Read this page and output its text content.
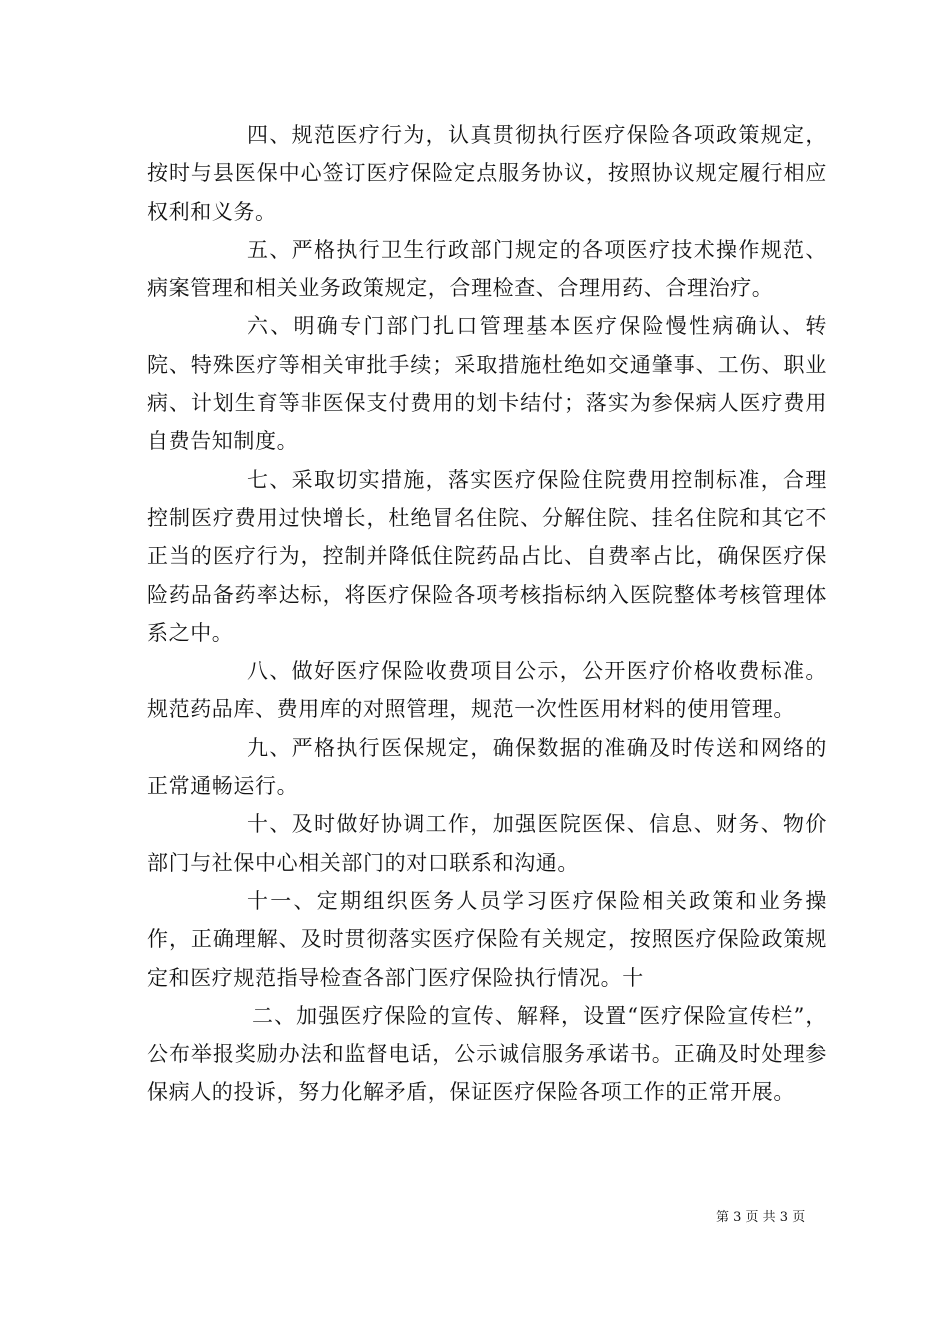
四、规范医疗行为，认真贯彻执行医疗保险各项政策规定，按时与县医保中心签订医疗保险定点服务协议，按照协议规定履行相应权利和义务。

五、严格执行卫生行政部门规定的各项医疗技术操作规范、病案管理和相关业务政策规定，合理检查、合理用药、合理治疗。

六、明确专门部门扎口管理基本医疗保险慢性病确认、转院、特殊医疗等相关审批手续；采取措施杜绝如交通肇事、工伤、职业病、计划生育等非医保支付费用的划卡结付；落实为参保病人医疗费用自费告知制度。

七、采取切实措施，落实医疗保险住院费用控制标准，合理控制医疗费用过快增长，杜绝冒名住院、分解住院、挂名住院和其它不正当的医疗行为，控制并降低住院药品占比、自费率占比，确保医疗保险药品备药率达标，将医疗保险各项考核指标纳入医院整体考核管理体系之中。

八、做好医疗保险收费项目公示，公开医疗价格收费标准。规范药品库、费用库的对照管理，规范一次性医用材料的使用管理。

九、严格执行医保规定，确保数据的准确及时传送和网络的正常通畅运行。

十、及时做好协调工作，加强医院医保、信息、财务、物价部门与社保中心相关部门的对口联系和沟通。

十一、定期组织医务人员学习医疗保险相关政策和业务操作，正确理解、及时贯彻落实医疗保险有关规定，按照医疗保险政策规定和医疗规范指导检查各部门医疗保险执行情况。十

二、加强医疗保险的宣传、解释，设置“医疗保险宣传栏”，公布举报奖励办法和监督电话，公示诚信服务承诺书。正确及时处理参保病人的投诉，努力化解矛盾，保证医疗保险各项工作的正常开展。

第 3 页 共 3 页
